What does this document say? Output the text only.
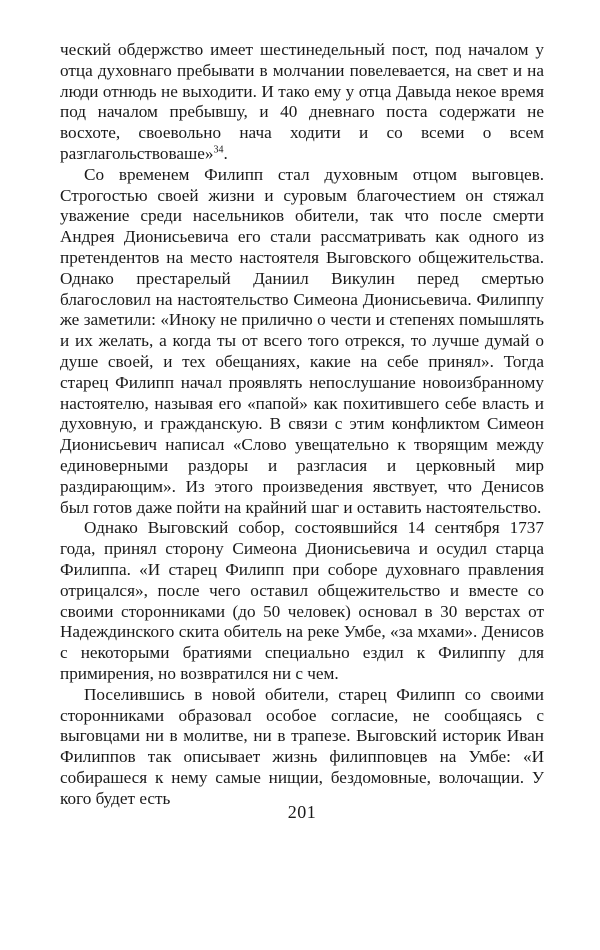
ческий обдержство имеет шестинедельный пост, под началом у отца духовнаго пребывати в молчании повелевается, на свет и на люди отнюдь не выходити. И тако ему у отца Давыда некое время под началом пребывшу, и 40 дневнаго поста содержати не восхоте, своевольно нача ходити и со всеми о всем разглагольствоваше»$^{34}$.

Со временем Филипп стал духовным отцом выговцев. Строгостью своей жизни и суровым благочестием он стяжал уважение среди насельников обители, так что после смерти Андрея Дионисьевича его стали рассматривать как одного из претендентов на место настоятеля Выговского общежительства. Однако престарелый Даниил Викулин перед смертью благословил на настоятельство Симеона Дионисьевича. Филиппу же заметили: «Иноку не прилично о чести и степенях помышлять и их желать, а когда ты от всего того отрекся, то лучше думай о душе своей, и тех обещаниях, какие на себе принял». Тогда старец Филипп начал проявлять непослушание новоизбранному настоятелю, называя его «папой» как похитившего себе власть и духовную, и гражданскую. В связи с этим конфликтом Симеон Дионисьевич написал «Слово увещательно к творящим между единоверными раздоры и разгласия и церковный мир раздирающим». Из этого произведения явствует, что Денисов был готов даже пойти на крайний шаг и оставить настоятельство.

Однако Выговский собор, состоявшийся 14 сентября 1737 года, принял сторону Симеона Дионисьевича и осудил старца Филиппа. «И старец Филипп при соборе духовнаго правления отрицался», после чего оставил общежительство и вместе со своими сторонниками (до 50 человек) основал в 30 верстах от Надеждинского скита обитель на реке Умбе, «за мхами». Денисов с некоторыми братиями специально ездил к Филиппу для примирения, но возвратился ни с чем.

Поселившись в новой обители, старец Филипп со своими сторонниками образовал особое согласие, не сообщаясь с выговцами ни в молитве, ни в трапезе. Выговский историк Иван Филиппов так описывает жизнь филипповцев на Умбе: «И собирашеся к нему самые нищии, бездомовные, волочащии. У кого будет есть

201
